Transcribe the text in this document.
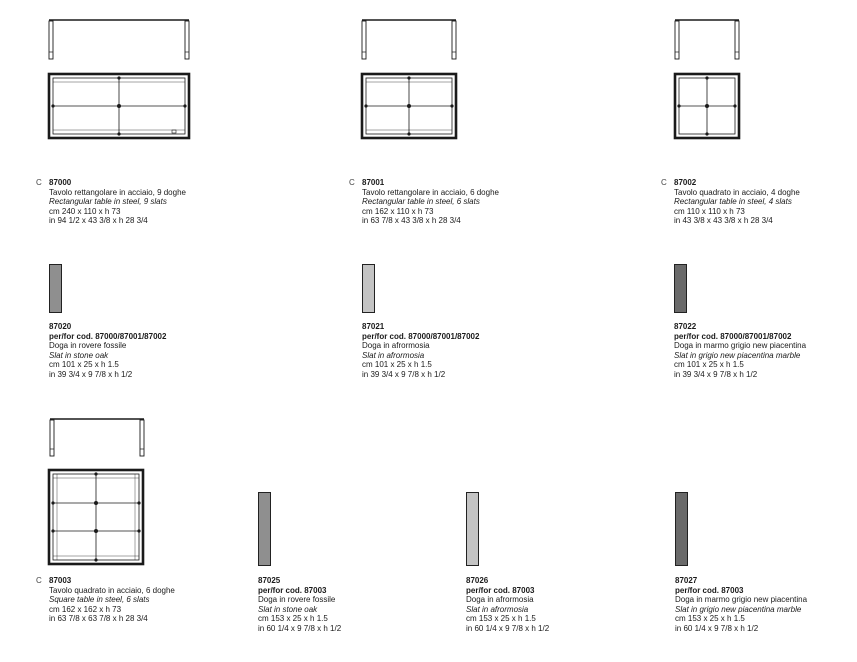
C 87000
Tavolo rettangolare in acciaio, 9 doghe
Rectangular table in steel, 9 slats
cm 240 x 110 x h 73
in 94 1/2 x 43 3/8 x h 28 3/4
C 87001
Tavolo rettangolare in acciaio, 6 doghe
Rectangular table in steel, 6 slats
cm 162 x 110 x h 73
in 63 7/8 x 43 3/8 x h 28 3/4
C 87002
Tavolo quadrato in acciaio, 4 doghe
Rectangular table in steel, 4 slats
cm 110 x 110 x h 73
in 43 3/8 x 43 3/8 x h 28 3/4
87020
per/for cod. 87000/87001/87002
Doga in rovere fossile
Slat in stone oak
cm 101 x 25 x h 1.5
in 39 3/4 x 9 7/8 x h 1/2
87021
per/for cod. 87000/87001/87002
Doga in afrormosia
Slat in afrormosia
cm 101 x 25 x h 1.5
in 39 3/4 x 9 7/8 x h 1/2
87022
per/for cod. 87000/87001/87002
Doga in marmo grigio new piacentina
Slat in grigio new piacentina marble
cm 101 x 25 x h 1.5
in 39 3/4 x 9 7/8 x h 1/2
C 87003
Tavolo quadrato in acciaio, 6 doghe
Square table in steel, 6 slats
cm 162 x 162 x h 73
in 63 7/8 x 63 7/8 x h 28 3/4
87025
per/for cod. 87003
Doga in rovere fossile
Slat in stone oak
cm 153 x 25 x h 1.5
in 60 1/4 x 9 7/8 x h 1/2
87026
per/for cod. 87003
Doga in afrormosia
Slat in afrormosia
cm 153 x 25 x h 1.5
in 60 1/4 x 9 7/8 x h 1/2
87027
per/for cod. 87003
Doga in marmo grigio new piacentina
Slat in grigio new piacentina marble
cm 153 x 25 x h 1.5
in 60 1/4 x 9 7/8 x h 1/2
